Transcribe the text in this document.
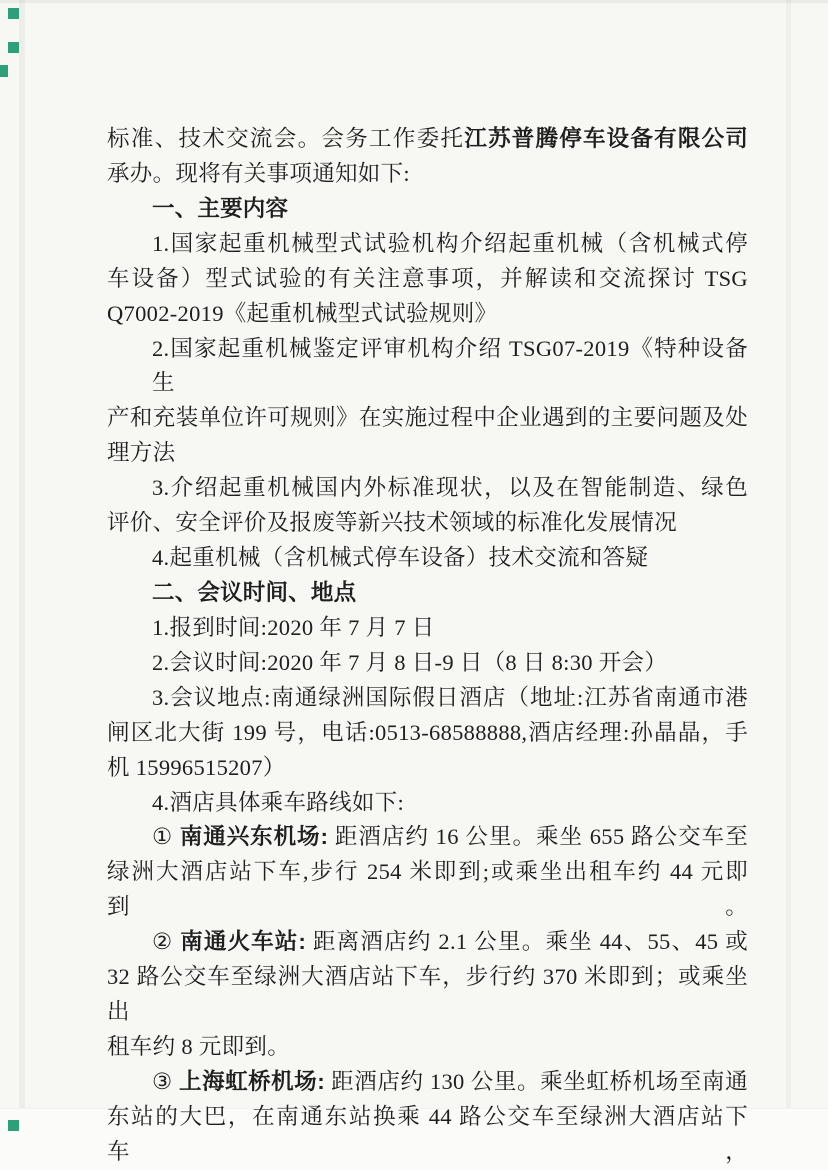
标准、技术交流会。会务工作委托江苏普腾停车设备有限公司
承办。现将有关事项通知如下:
一、主要内容
1.国家起重机械型式试验机构介绍起重机械（含机械式停
车设备）型式试验的有关注意事项，并解读和交流探讨 TSG
Q7002-2019《起重机械型式试验规则》
2.国家起重机械鉴定评审机构介绍 TSG07-2019《特种设备生
产和充装单位许可规则》在实施过程中企业遇到的主要问题及处
理方法
3.介绍起重机械国内外标准现状，以及在智能制造、绿色
评价、安全评价及报废等新兴技术领域的标准化发展情况
4.起重机械（含机械式停车设备）技术交流和答疑
二、会议时间、地点
1.报到时间:2020 年 7 月 7 日
2.会议时间:2020 年 7 月 8 日-9 日（8 日 8:30 开会）
3.会议地点:南通绿洲国际假日酒店（地址:江苏省南通市港
闸区北大街 199 号，电话:0513-68588888,酒店经理:孙晶晶，手
机 15996515207）
4.酒店具体乘车路线如下:
① 南通兴东机场: 距酒店约 16 公里。乘坐 655 路公交车至
绿洲大酒店站下车,步行 254 米即到;或乘坐出租车约 44 元即到。
② 南通火车站: 距离酒店约 2.1 公里。乘坐 44、55、45 或
32 路公交车至绿洲大酒店站下车，步行约 370 米即到；或乘坐出
租车约 8 元即到。
③ 上海虹桥机场: 距酒店约 130 公里。乘坐虹桥机场至南通
东站的大巴，在南通东站换乘 44 路公交车至绿洲大酒店站下车，
